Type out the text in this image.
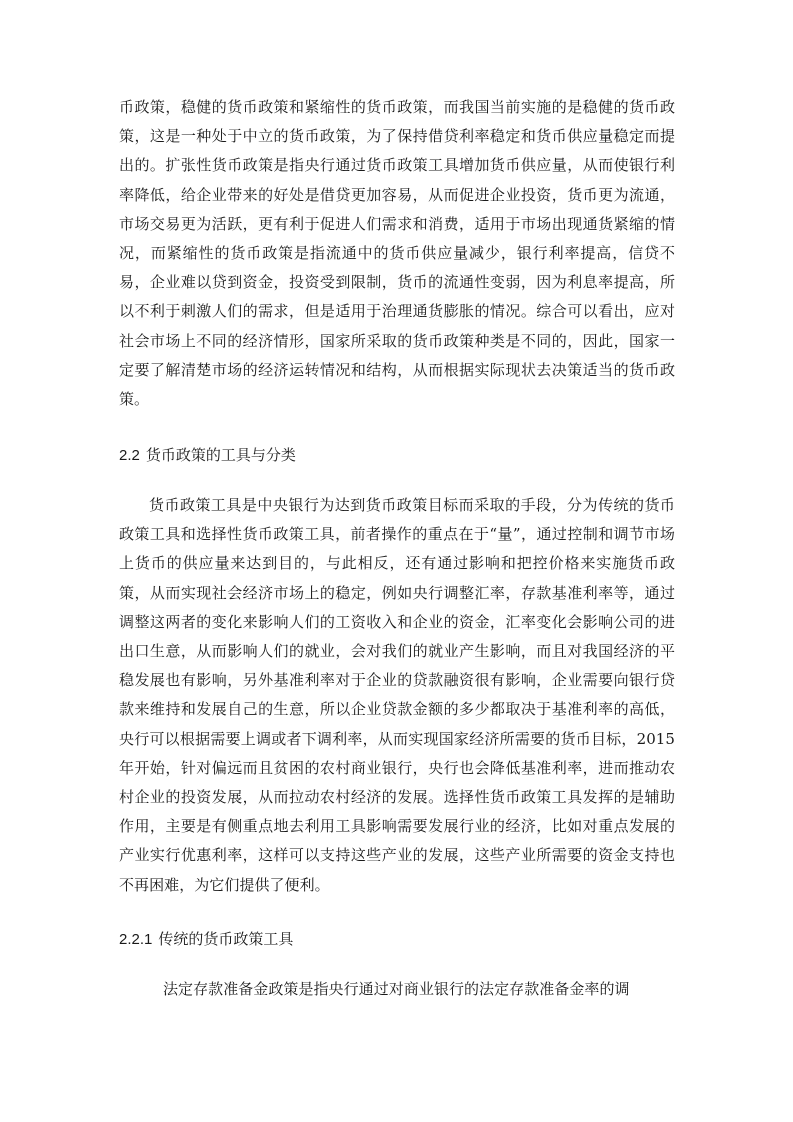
币政策，稳健的货币政策和紧缩性的货币政策，而我国当前实施的是稳健的货币政策，这是一种处于中立的货币政策，为了保持借贷利率稳定和货币供应量稳定而提出的。扩张性货币政策是指央行通过货币政策工具增加货币供应量，从而使银行利率降低，给企业带来的好处是借贷更加容易，从而促进企业投资，货币更为流通，市场交易更为活跃，更有利于促进人们需求和消费，适用于市场出现通货紧缩的情况，而紧缩性的货币政策是指流通中的货币供应量减少，银行利率提高，信贷不易，企业难以贷到资金，投资受到限制，货币的流通性变弱，因为利息率提高，所以不利于刺激人们的需求，但是适用于治理通货膨胀的情况。综合可以看出，应对社会市场上不同的经济情形，国家所采取的货币政策种类是不同的，因此，国家一定要了解清楚市场的经济运转情况和结构，从而根据实际现状去决策适当的货币政策。

2.2 货币政策的工具与分类

货币政策工具是中央银行为达到货币政策目标而采取的手段，分为传统的货币政策工具和选择性货币政策工具，前者操作的重点在于“量”，通过控制和调节市场上货币的供应量来达到目的，与此相反，还有通过影响和把控价格来实施货币政策，从而实现社会经济市场上的稳定，例如央行调整汇率，存款基准利率等，通过调整这两者的变化来影响人们的工资收入和企业的资金，汇率变化会影响公司的进出口生意，从而影响人们的就业，会对我们的就业产生影响，而且对我国经济的平稳发展也有影响，另外基准利率对于企业的贷款融资很有影响，企业需要向银行贷款来维持和发展自己的生意，所以企业贷款金额的多少都取决于基准利率的高低，央行可以根据需要上调或者下调利率，从而实现国家经济所需要的货币目标，2015年开始，针对偏远而且贫困的农村商业银行，央行也会降低基准利率，进而推动农村企业的投资发展，从而拉动农村经济的发展。选择性货币政策工具发挥的是辅助作用，主要是有侧重点地去利用工具影响需要发展行业的经济，比如对重点发展的产业实行优惠利率，这样可以支持这些产业的发展，这些产业所需要的资金支持也不再困难，为它们提供了便利。

2.2.1 传统的货币政策工具

法定存款准备金政策是指央行通过对商业银行的法定存款准备金率的调
